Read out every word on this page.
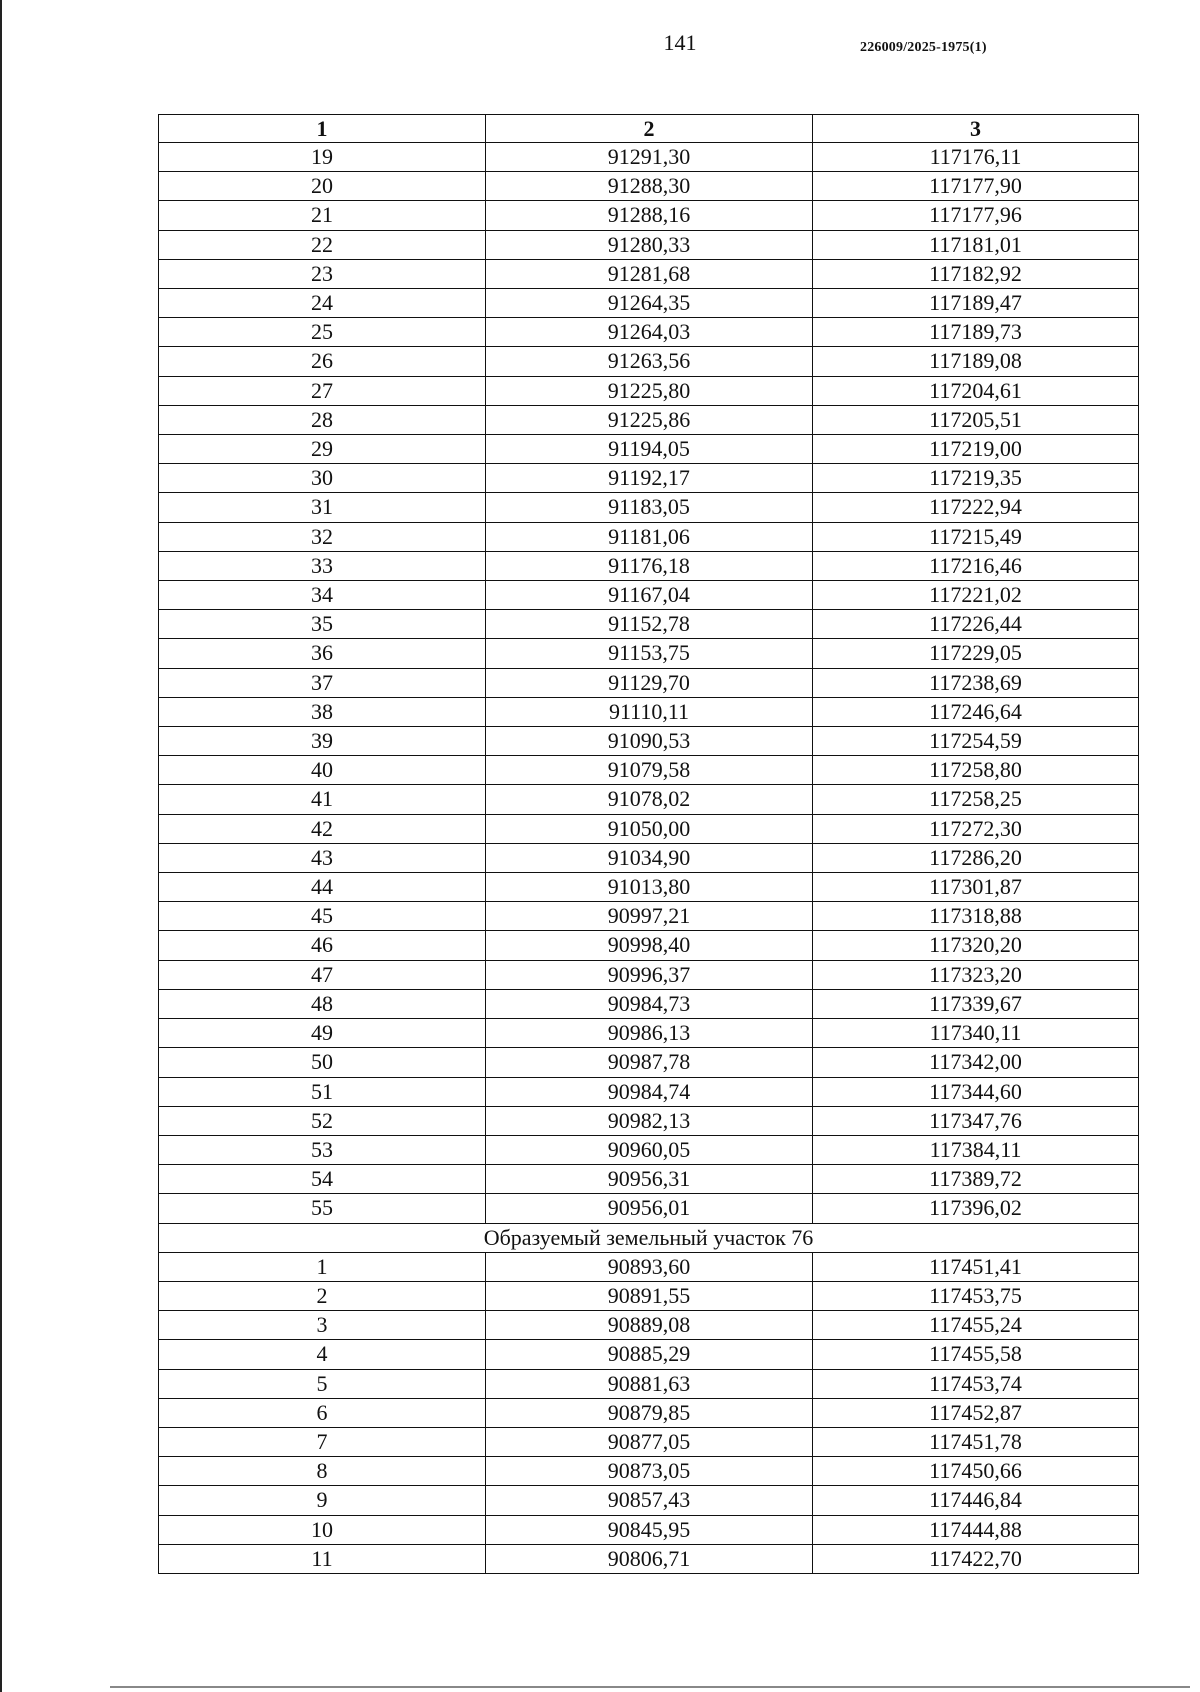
141	226009/2025-1975(1)
1	2	3
19	91291,30	117176,11
20	91288,30	117177,90
21	91288,16	117177,96
22	91280,33	117181,01
23	91281,68	117182,92
24	91264,35	117189,47
25	91264,03	117189,73
26	91263,56	117189,08
27	91225,80	117204,61
28	91225,86	117205,51
29	91194,05	117219,00
30	91192,17	117219,35
31	91183,05	117222,94
32	91181,06	117215,49
33	91176,18	117216,46
34	91167,04	117221,02
35	91152,78	117226,44
36	91153,75	117229,05
37	91129,70	117238,69
38	91110,11	117246,64
39	91090,53	117254,59
40	91079,58	117258,80
41	91078,02	117258,25
42	91050,00	117272,30
43	91034,90	117286,20
44	91013,80	117301,87
45	90997,21	117318,88
46	90998,40	117320,20
47	90996,37	117323,20
48	90984,73	117339,67
49	90986,13	117340,11
50	90987,78	117342,00
51	90984,74	117344,60
52	90982,13	117347,76
53	90960,05	117384,11
54	90956,31	117389,72
55	90956,01	117396,02
Образуемый земельный участок 76		
1	90893,60	117451,41
2	90891,55	117453,75
3	90889,08	117455,24
4	90885,29	117455,58
5	90881,63	117453,74
6	90879,85	117452,87
7	90877,05	117451,78
8	90873,05	117450,66
9	90857,43	117446,84
10	90845,95	117444,88
11	90806,71	117422,70
